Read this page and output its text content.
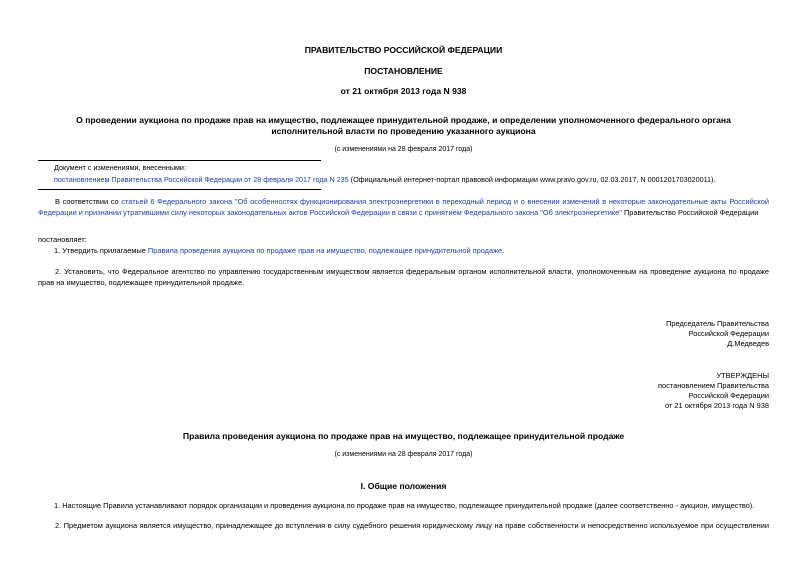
ПРАВИТЕЛЬСТВО РОССИЙСКОЙ ФЕДЕРАЦИИ
ПОСТАНОВЛЕНИЕ
от 21 октября 2013 года N 938
О проведении аукциона по продаже прав на имущество, подлежащее принудительной продаже, и определении уполномоченного федерального органа
исполнительной власти по проведению указанного аукциона
(с изменениями на 28 февраля 2017 года)
Документ с изменениями, внесенными:
постановлением Правительства Российской Федерации от 28 февраля 2017 года N 235 (Официальный интернет-портал правовой информации www.pravo.gov.ru, 02.03.2017, N 0001201703020011).
В соответствии со статьей 6 Федерального закона "Об особенностях функционирования электроэнергетики в переходный период и о внесении изменений в некоторые законодательные акты Российской Федерации и признании утратившими силу некоторых законодательных актов Российской Федерации в связи с принятием Федерального закона "Об электроэнергетике" Правительство Российской Федерации
постановляет:
1. Утвердить прилагаемые Правила проведения аукциона по продаже прав на имущество, подлежащее принудительной продаже.
2. Установить, что Федеральное агентство по управлению государственным имуществом является федеральным органом исполнительной власти, уполномоченным на проведение аукциона по продаже прав на имущество, подлежащее принудительной продаже.
Председатель Правительства
Российской Федерации
Д.Медведев
УТВЕРЖДЕНЫ
постановлением Правительства
Российской Федерации
от 21 октября 2013 года N 938
Правила проведения аукциона по продаже прав на имущество, подлежащее принудительной продаже
(с изменениями на 28 февраля 2017 года)
I. Общие положения
1. Настоящие Правила устанавливают порядок организации и проведения аукциона по продаже прав на имущество, подлежащее принудительной продаже (далее соответственно - аукцион, имущество).
2. Предметом аукциона является имущество, принадлежащее до вступления в силу судебного решения юридическому лицу на праве собственности и непосредственно используемое при осуществлении
